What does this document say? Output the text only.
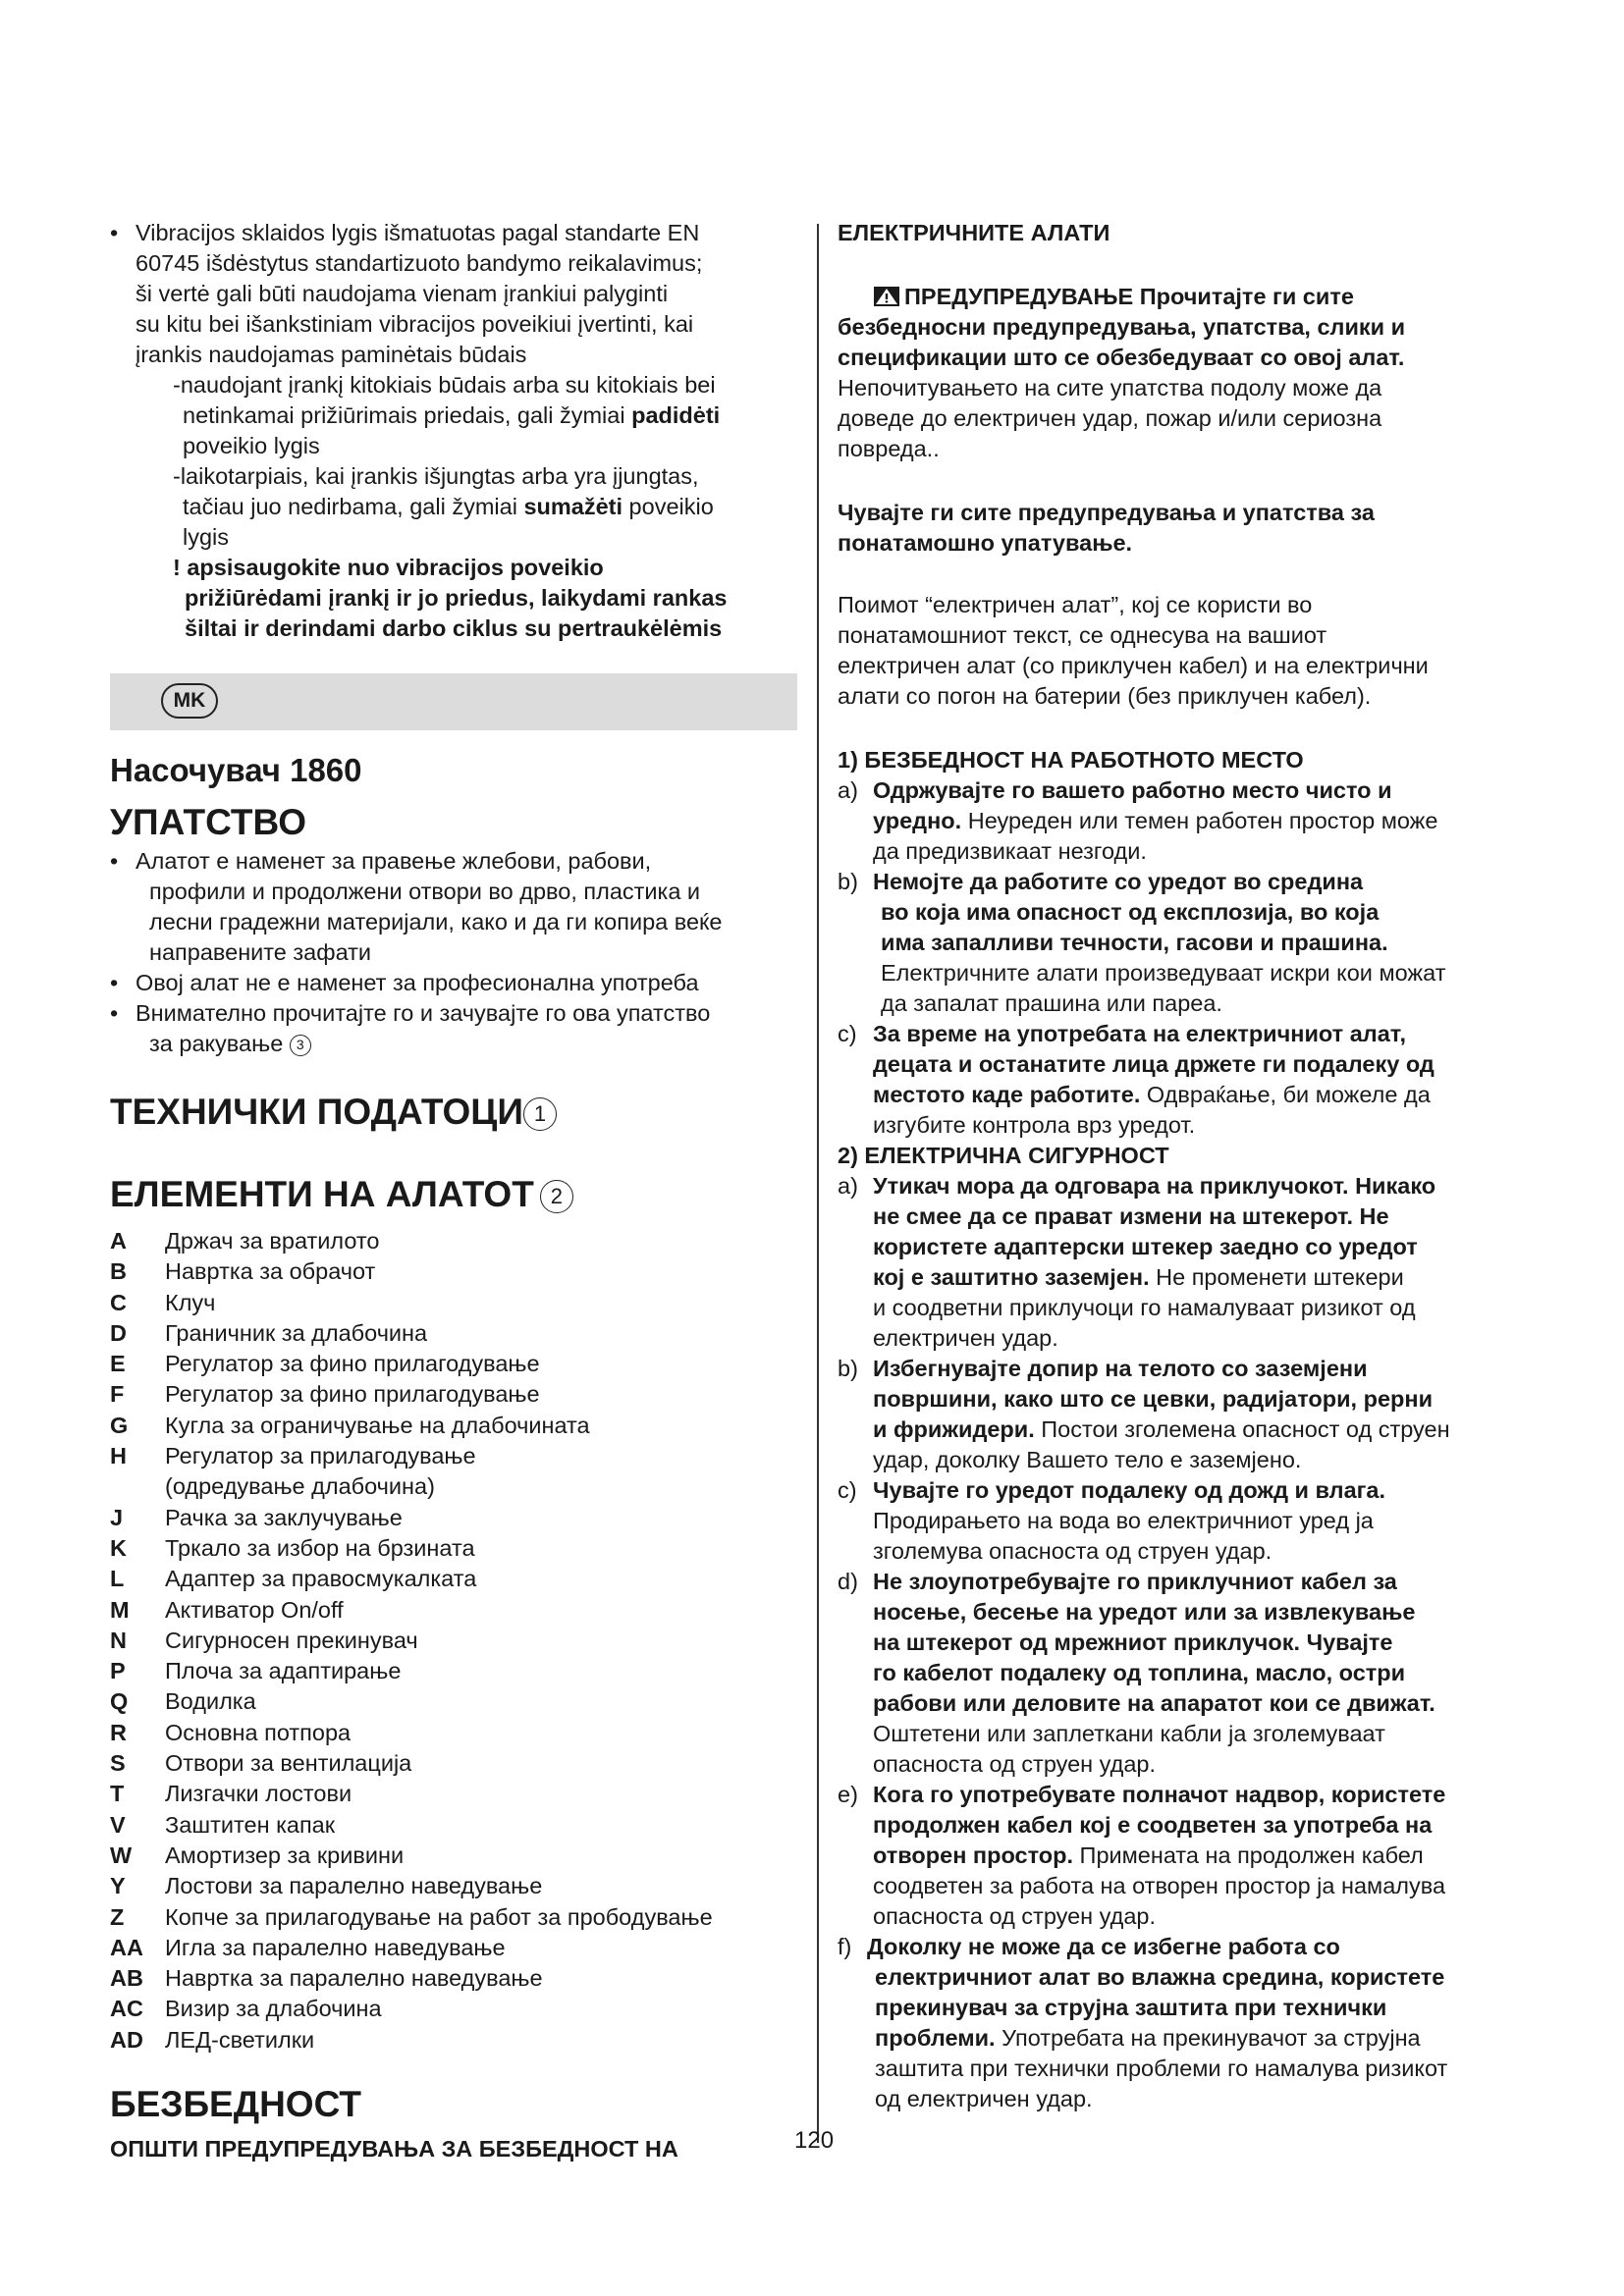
• Vibracijos sklaidos lygis išmatuotas pagal standarte EN
60745 išdėstytus standartizuoto bandymo reikalavimus;
ši vertė gali būti naudojama vienam įrankiui palyginti
su kitu bei išankstiniam vibracijos poveikiui įvertinti, kai
įrankis naudojamas paminėtais būdais
-naudojant įrankį kitokiais būdais arba su kitokiais bei
netinkamai prižiūrimais priedais, gali žymiai padidėti
poveikio lygis
-laikotarpiais, kai įrankis išjungtas arba yra įjungtas,
tačiau juo nedirbama, gali žymiai sumažėti poveikio
lygis
! apsisaugokite nuo vibracijos poveikio
prižiūrėdami įrankį ir jo priedus, laikydami rankas
šiltai ir derindami darbo ciklus su pertraukėlėmis
MK
Насочувач 1860
УПАТСТВО
• Алатот е наменет за правење жлебови, рабови,
профили и продолжени отвори во дрво, пластика и
лесни градежни материјали, како и да ги копира веќе
направените зафати
• Овој алат не е наменет за професионална употреба
• Внимателно прочитајте го и зачувајте го ова упатство
за ракување 3
ТЕХНИЧКИ ПОДАТОЦИ 1
ЕЛЕМЕНТИ НА АЛАТОТ 2
A	Држач за вратилото
B	Навртка за обрачот
C	Клуч
D	Граничник за длабочина
E	Регулатор за фино прилагодување
F	Регулатор за фино прилагодување
G	Кугла за ограничување на длабочината
H	Регулатор за прилагодување
(одредување длабочина)
J	Рачка за заклучување
K	Тркало за избор на брзината
L	Адаптер за правосмукалката
M	Активатор On/off
N	Сигурносен прекинувач
P	Плоча за адаптирање
Q	Водилка
R	Основна потпора
S	Отвори за вентилација
T	Лизгачки лостови
V	Заштитен капак
W	Амортизер за кривини
Y	Лостови за паралелно наведување
Z	Копче за прилагодување на работ за прободување
AA Игла за паралелно наведување
AB Навртка за паралелно наведување
AC Визир за длабочина
AD ЛЕД-светилки
БЕЗБЕДНОСТ
ОПШТИ ПРЕДУПРЕДУВАЊА ЗА БЕЗБЕДНОСТ НА
ЕЛЕКТРИЧНИТЕ АЛАТИ
ПРЕДУПРЕДУВАЊЕ Прочитајте ги сите
безбедносни предупредувања, упатства, слики и
спецификации што се обезбедуваат со овој алат.
Непочитувањето на сите упатства подолу може да
доведе до електричен удар, пожар и/или сериозна
повреда..
Чувајте ги сите предупредувања и упатства за
понатамошно упатување.
Поимот “електричен алат”, кој се користи во
понатамошниот текст, се однесува на вашиот
електричен алат (со приклучен кабел) и на електрични
алати со погон на батерии (без приклучен кабел).
1) БЕЗБЕДНОСТ НА РАБОТНОТО МЕСТО
a) Одржувајте го вашето работно место чисто и
уредно. Неуреден или темен работен простор може
да предизвикаат незгоди.
b) Немојте да работите со уредот во средина
во која има опасност од експлозија, во која
има запалливи течности, гасови и прашина.
Електричните алати произведуваат искри кои можат
да запалат прашина или пареа.
c) За време на употребата на електричниот алат,
децата и останатите лица држете ги подалеку од
местото каде работите. Одвраќање, би можеле да
изгубите контрола врз уредот.
2) ЕЛЕКТРИЧНА СИГУРНОСТ
a) Утикач мора да одговара на приклучокот. Никако
не смее да се прават измени на штекерот. Не
користете адаптерски штекер заедно со уредот
кој е заштитно заземјен. Не променети штекери
и соодветни приклучоци го намалуваат ризикот од
електричен удар.
b) Избегнувајте допир на телото со заземјени
површини, како што се цевки, радијатори, рерни
и фрижидери. Постои зголемена опасност од струен
удар, доколку Вашето тело е заземјено.
c) Чувајте го уредот подалеку од дожд и влага.
Продирањето на вода во електричниот уред ја
зголемува опасноста од струен удар.
d) Не злоупотребувајте го приклучниот кабел за
носење, бесење на уредот или за извлекување
на штекерот од мрежниот приклучок. Чувајте
го кабелот подалеку од топлина, масло, остри
рабови или деловите на апаратот кои се движат.
Оштетени или заплеткани кабли ја зголемуваат
опасноста од струен удар.
e) Кога го употребувате полначот надвор, користете
продолжен кабел кој е соодветен за употреба на
отворен простор. Примената на продолжен кабел
соодветен за работа на отворен простор ја намалува
опасноста од струен удар.
f) Доколку не може да се избегне работа со
електричниот алат во влажна средина, користете
прекинувач за струјна заштита при технички
проблеми. Употребата на прекинувачот за струјна
заштита при технички проблеми го намалува ризикот
од електричен удар.
120
